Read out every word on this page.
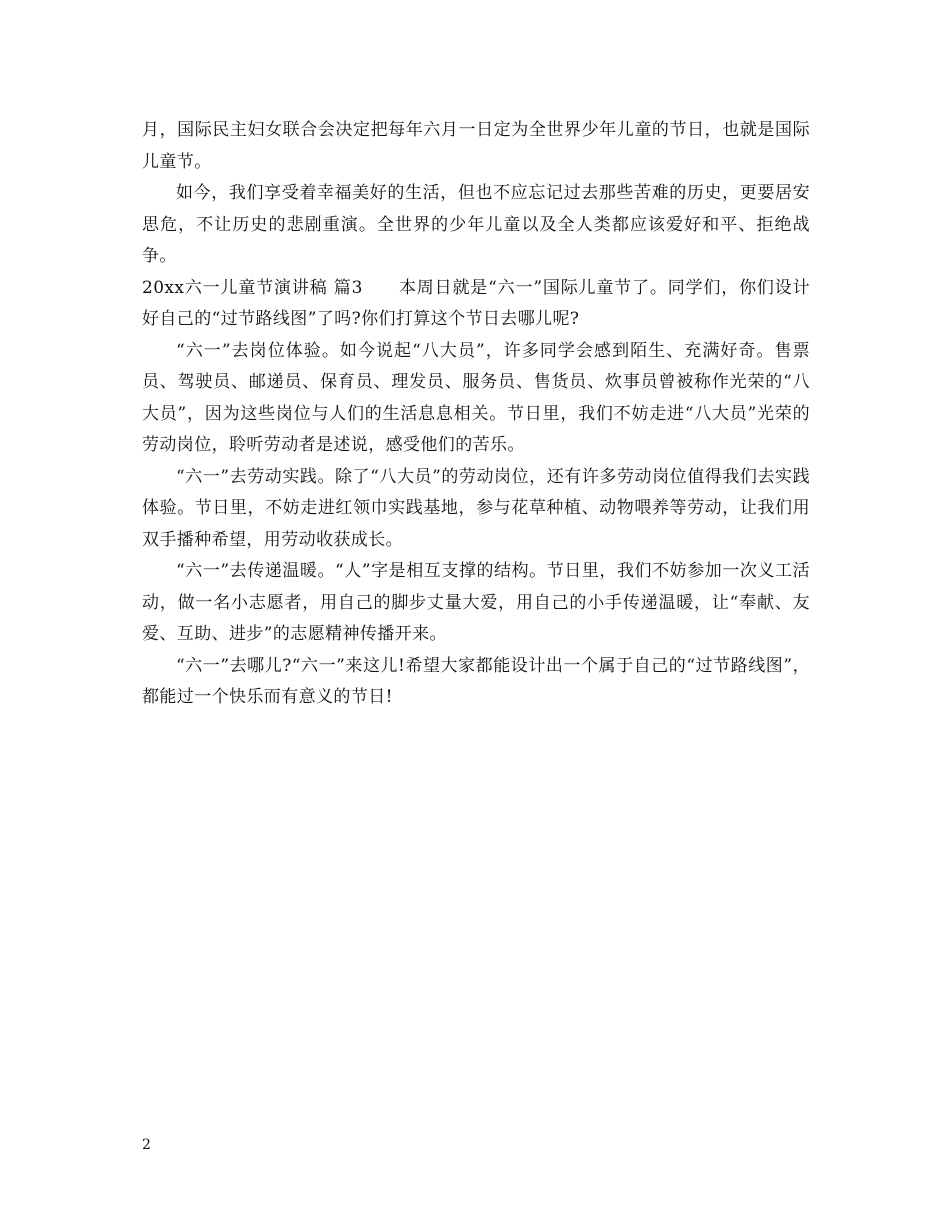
月，国际民主妇女联合会决定把每年六月一日定为全世界少年儿童的节日，也就是国际儿童节。

如今，我们享受着幸福美好的生活，但也不应忘记过去那些苦难的历史，更要居安思危，不让历史的悲剧重演。全世界的少年儿童以及全人类都应该爱好和平、拒绝战争。

20xx六一儿童节演讲稿 篇3　　本周日就是“六一”国际儿童节了。同学们，你们设计好自己的“过节路线图”了吗?你们打算这个节日去哪儿呢?

“六一”去岗位体验。如今说起“八大员”，许多同学会感到陌生、充满好奇。售票员、驾驶员、邮递员、保育员、理发员、服务员、售货员、炊事员曾被称作光荣的“八大员”，因为这些岗位与人们的生活息息相关。节日里，我们不妨走进“八大员”光荣的劳动岗位，聆听劳动者是述说，感受他们的苦乐。

“六一”去劳动实践。除了“八大员”的劳动岗位，还有许多劳动岗位值得我们去实践体验。节日里，不妨走进红领巾实践基地，参与花草种植、动物喂养等劳动，让我们用双手播种希望，用劳动收获成长。

“六一”去传递温暖。“人”字是相互支撑的结构。节日里，我们不妨参加一次义工活动，做一名小志愿者，用自己的脚步丈量大爱，用自己的小手传递温暖，让“奉献、友爱、互助、进步”的志愿精神传播开来。

“六一”去哪儿?“六一”来这儿!希望大家都能设计出一个属于自己的“过节路线图”，都能过一个快乐而有意义的节日!

2
